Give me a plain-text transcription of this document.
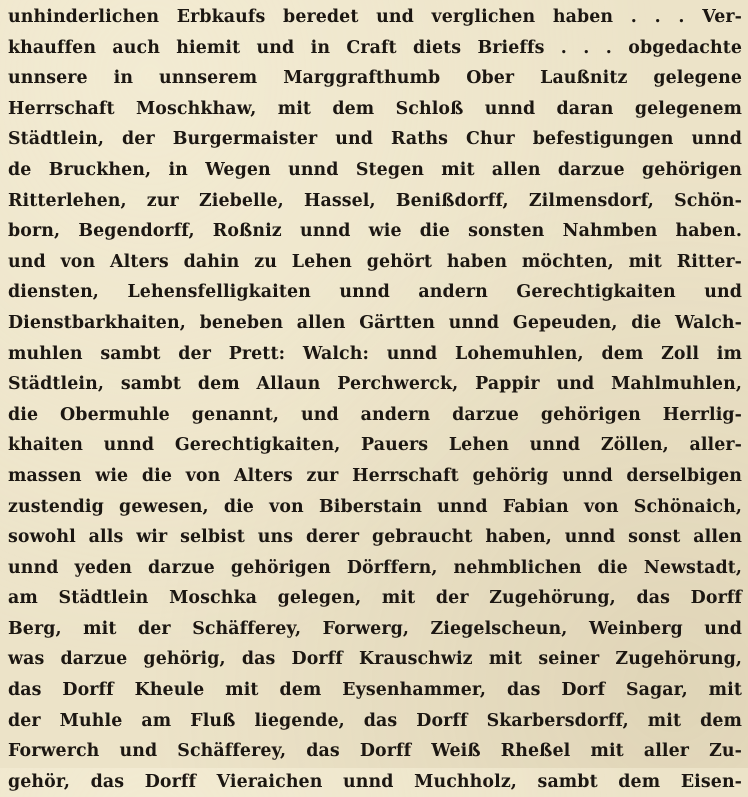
unhinderlichen Erbkaufs beredet und verglichen haben . . . Ver-
khauffen auch hiemit und in Craft diets Brieffs . . . obgedachte
unnsere in unnserem Marggrafthumb Ober Laußnitz gelegene
Herrschaft Moschkhaw, mit dem Schloß unnd daran gelegenem
Städtlein, der Burgermaister und Raths Chur befestigungen unnd
de Bruckhen, in Wegen unnd Stegen mit allen darzue gehörigen
Ritterlehen, zur Ziebelle, Hassel, Benißdorff, Zilmensdorf, Schön-
born, Begendorff, Roßniz unnd wie die sonsten Nahmben haben.
und von Alters dahin zu Lehen gehört haben möchten, mit Ritter-
diensten, Lehensfelligkaiten unnd andern Gerechtigkaiten und
Dienstbarkhaiten, beneben allen Gärtten unnd Gepeuden, die Walch-
muhlen sambt der Prett: Walch: unnd Lohemuhlen, dem Zoll im
Städtlein, sambt dem Allaun Perchwerck, Pappir und Mahlmuhlen,
die Obermuhle genannt, und andern darzue gehörigen Herrlig-
khaiten unnd Gerechtigkaiten, Pauers Lehen unnd Zöllen, aller-
massen wie die von Alters zur Herrschaft gehörig unnd derselbigen
zustendig gewesen, die von Biberstain unnd Fabian von Schönaich,
sowohl alls wir selbist uns derer gebraucht haben, unnd sonst allen
unnd yeden darzue gehörigen Dörffern, nehmblichen die Newstadt,
am Städtlein Moschka gelegen, mit der Zugehörung, das Dorff
Berg, mit der Schäfferey, Forwerg, Ziegelscheun, Weinberg und
was darzue gehörig, das Dorff Krauschwiz mit seiner Zugehörung,
das Dorff Kheule mit dem Eysenhammer, das Dorf Sagar, mit
der Muhle am Fluß liegende, das Dorff Skarbersdorff, mit dem
Forwerch und Schäfferey, das Dorff Weiß Rheßel mit aller Zu-
gehör, das Dorff Vieraichen unnd Muchholz, sambt dem Eisen-
